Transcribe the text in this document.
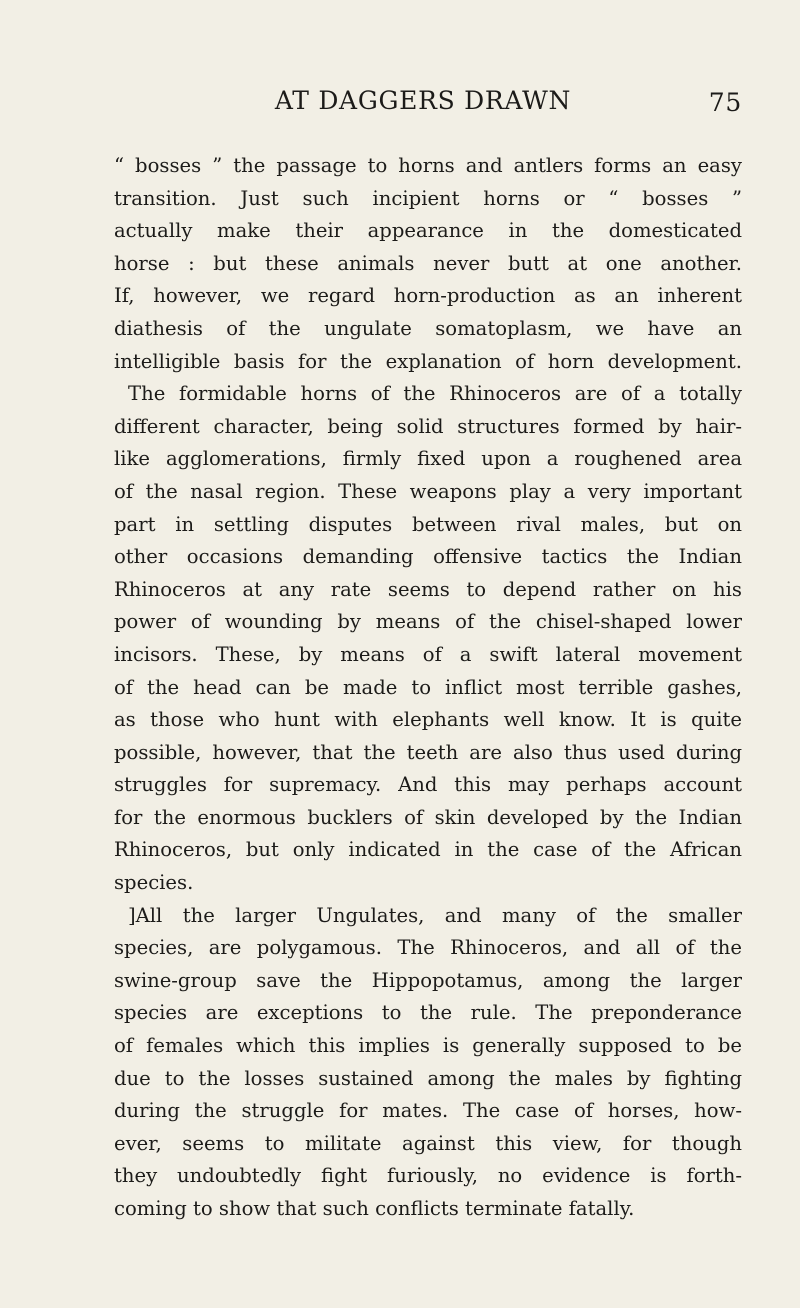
AT DAGGERS DRAWN	75
“ bosses ” the passage to horns and antlers forms an easy
transition. Just such incipient horns or “ bosses ”
actually make their appearance in the domesticated
horse : but these animals never butt at one another.
If, however, we regard horn-production as an inherent
diathesis of the ungulate somatoplasm, we have an
intelligible basis for the explanation of horn development.
The formidable horns of the Rhinoceros are of a totally
different character, being solid structures formed by hair-
like agglomerations, firmly fixed upon a roughened area
of the nasal region. These weapons play a very important
part in settling disputes between rival males, but on
other occasions demanding offensive tactics the Indian
Rhinoceros at any rate seems to depend rather on his
power of wounding by means of the chisel-shaped lower
incisors. These, by means of a swift lateral movement
of the head can be made to inflict most terrible gashes,
as those who hunt with elephants well know. It is quite
possible, however, that the teeth are also thus used during
struggles for supremacy. And this may perhaps account
for the enormous bucklers of skin developed by the Indian
Rhinoceros, but only indicated in the case of the African
species.
]All the larger Ungulates, and many of the smaller
species, are polygamous. The Rhinoceros, and all of the
swine-group save the Hippopotamus, among the larger
species are exceptions to the rule. The preponderance
of females which this implies is generally supposed to be
due to the losses sustained among the males by fighting
during the struggle for mates. The case of horses, how-
ever, seems to militate against this view, for though
they undoubtedly fight furiously, no evidence is forth-
coming to show that such conflicts terminate fatally.
